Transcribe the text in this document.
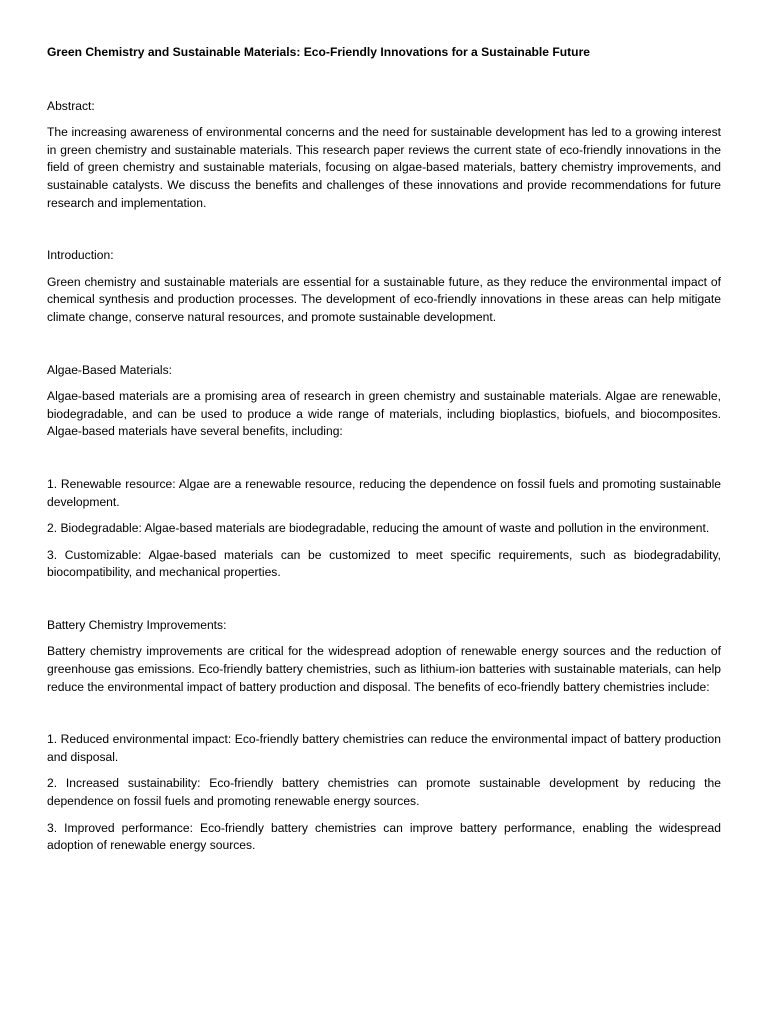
Green Chemistry and Sustainable Materials: Eco-Friendly Innovations for a Sustainable Future
Abstract:

The increasing awareness of environmental concerns and the need for sustainable development has led to a growing interest in green chemistry and sustainable materials. This research paper reviews the current state of eco-friendly innovations in the field of green chemistry and sustainable materials, focusing on algae-based materials, battery chemistry improvements, and sustainable catalysts. We discuss the benefits and challenges of these innovations and provide recommendations for future research and implementation.

Introduction:

Green chemistry and sustainable materials are essential for a sustainable future, as they reduce the environmental impact of chemical synthesis and production processes. The development of eco-friendly innovations in these areas can help mitigate climate change, conserve natural resources, and promote sustainable development.

Algae-Based Materials:

Algae-based materials are a promising area of research in green chemistry and sustainable materials. Algae are renewable, biodegradable, and can be used to produce a wide range of materials, including bioplastics, biofuels, and biocomposites. Algae-based materials have several benefits, including:

1. Renewable resource: Algae are a renewable resource, reducing the dependence on fossil fuels and promoting sustainable development.

2. Biodegradable: Algae-based materials are biodegradable, reducing the amount of waste and pollution in the environment.

3. Customizable: Algae-based materials can be customized to meet specific requirements, such as biodegradability, biocompatibility, and mechanical properties.

Battery Chemistry Improvements:

Battery chemistry improvements are critical for the widespread adoption of renewable energy sources and the reduction of greenhouse gas emissions. Eco-friendly battery chemistries, such as lithium-ion batteries with sustainable materials, can help reduce the environmental impact of battery production and disposal. The benefits of eco-friendly battery chemistries include:

1. Reduced environmental impact: Eco-friendly battery chemistries can reduce the environmental impact of battery production and disposal.

2. Increased sustainability: Eco-friendly battery chemistries can promote sustainable development by reducing the dependence on fossil fuels and promoting renewable energy sources.

3. Improved performance: Eco-friendly battery chemistries can improve battery performance, enabling the widespread adoption of renewable energy sources.
